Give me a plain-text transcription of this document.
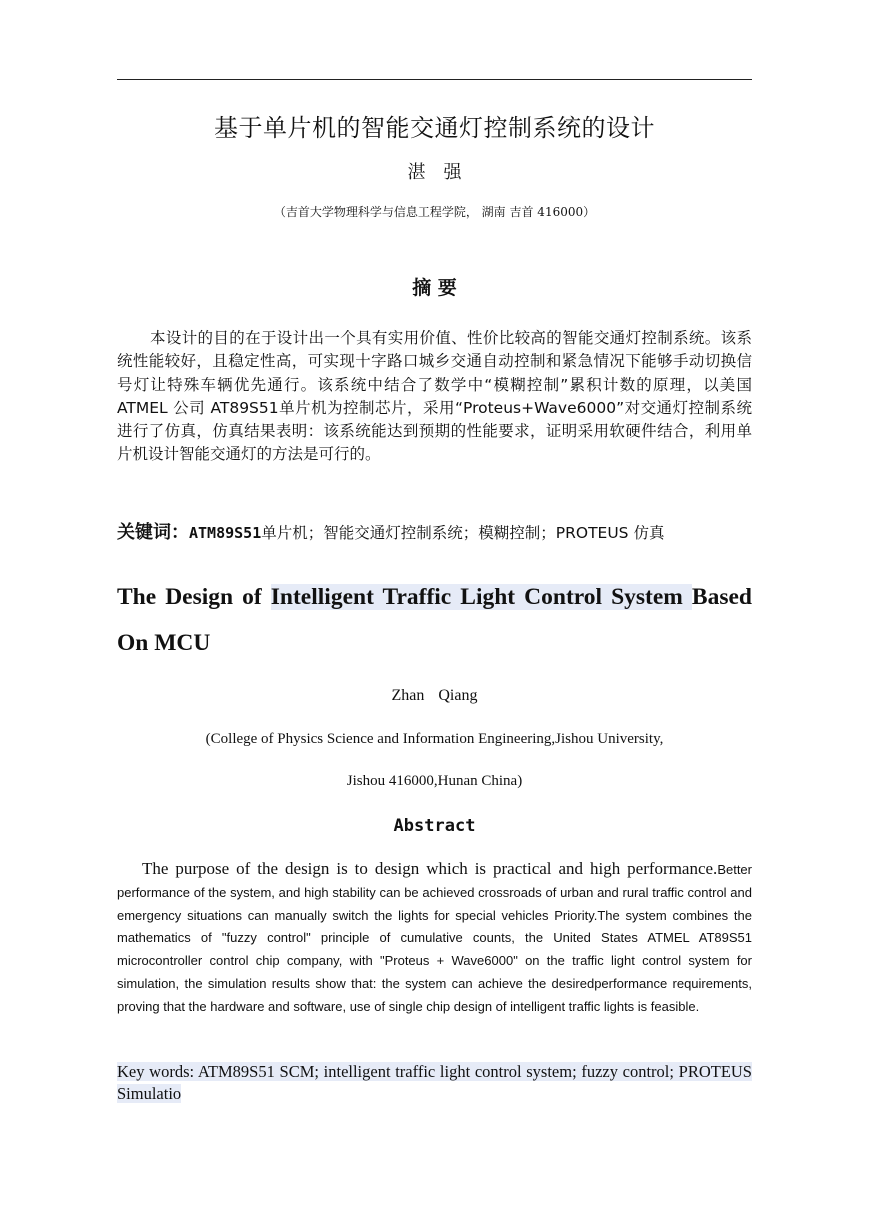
基于单片机的智能交通灯控制系统的设计
湛　强
（吉首大学物理科学与信息工程学院， 湖南 吉首 416000）
摘 要
本设计的目的在于设计出一个具有实用价值、性价比较高的智能交通灯控制系统。该系统性能较好，且稳定性高，可实现十字路口城乡交通自动控制和紧急情况下能够手动切换信号灯让特殊车辆优先通行。该系统中结合了数学中“模糊控制”累积计数的原理，以美国 ATMEL 公司 AT89S51单片机为控制芯片，采用“Proteus+Wave6000”对交通灯控制系统进行了仿真，仿真结果表明：该系统能达到预期的性能要求，证明采用软硬件结合，利用单片机设计智能交通灯的方法是可行的。
关键词：ATM89S51单片机；智能交通灯控制系统；模糊控制；PROTEUS 仿真
The Design of Intelligent Traffic Light Control System Based On MCU
Zhan Qiang
(College of Physics Science and Information Engineering,Jishou University,
Jishou 416000,Hunan China)
Abstract
The purpose of the design is to design which is practical and high performance.Better performance of the system, and high stability can be achieved crossroads of urban and rural traffic control and emergency situations can manually switch the lights for special vehicles Priority.The system combines the mathematics of "fuzzy control" principle of cumulative counts, the United States ATMEL AT89S51 microcontroller control chip company, with "Proteus + Wave6000" on the traffic light control system for simulation, the simulation results show that: the system can achieve the desiredperformance requirements, proving that the hardware and software, use of single chip design of intelligent traffic lights is feasible.
Key words: ATM89S51 SCM; intelligent traffic light control system; fuzzy control; PROTEUS Simulatio
